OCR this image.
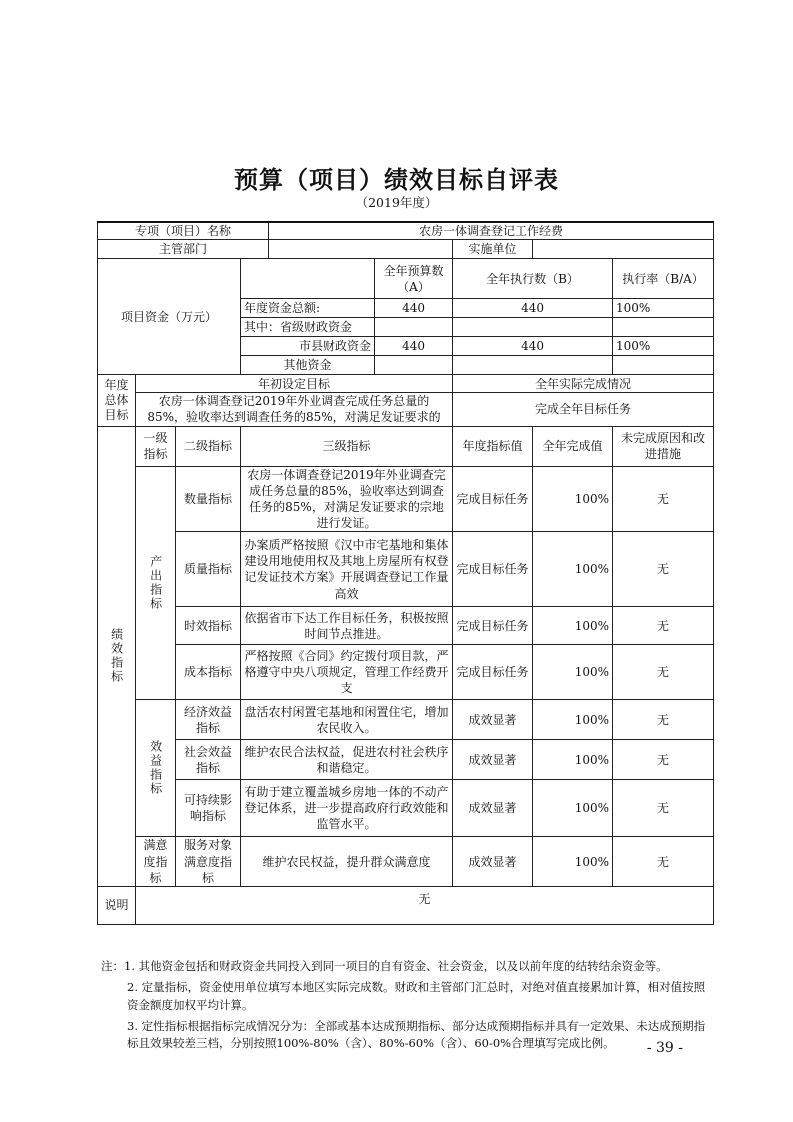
预算（项目）绩效目标自评表
（2019年度）
专项（项目）名称				农房一体调查登记工作经费				
主管部门						实施单位		
项目资金（万元）					全年预算数（A）	全年执行数（B）		执行率（B/A）
			年度资金总额:		440	440		100%
			其中：省级财政资金					
			市县财政资金		440	440		100%
			其他资金					
年度总体目标	年初设定目标					全年实际完成情况		
	农房一体调查登记2019年外业调查完成任务总量的85%，验收率达到调查任务的85%，对满足发证要求的					完成全年目标任务		

绩效指标	一级指标	二级指标	三级指标			年度指标值	全年完成值	未完成原因和改进措施

	产出指标	数量指标	农房一体调查登记2019年外业调查完成任务总量的85%，验收率达到调查任务的85%，对满足发证要求的宗地进行发证。			完成目标任务	100%	无
		质量指标	办案质严格按照《汉中市宅基地和集体建设用地使用权及其地上房屋所有权登记发证技术方案》开展调查登记工作量高效			完成目标任务	100%	无
		时效指标	依据省市下达工作目标任务，积极按照时间节点推进。			完成目标任务	100%	无
		成本指标	严格按照《合同》约定拨付项目款，严格遵守中央八项规定，管理工作经费开支			完成目标任务	100%	无

	效益指标	经济效益指标	盘活农村闲置宅基地和闲置住宅，增加农民收入。			成效显著	100%	无
		社会效益指标	维护农民合法权益，促进农村社会秩序和谐稳定。			成效显著	100%	无
		可持续影响指标	有助于建立覆盖城乡房地一体的不动产登记体系，进一步提高政府行政效能和监管水平。			成效显著	100%	无
	满意度指标	服务对象满意度指标	维护农民权益，提升群众满意度			成效显著	100%	无
说明	无							

注：1. 其他资金包括和财政资金共同投入到同一项目的自有资金、社会资金，以及以前年度的结转结余资金等。

2. 定量指标，资金使用单位填写本地区实际完成数。财政和主管部门汇总时，对绝对值直接累加计算，相对值按照资金额度加权平均计算。

3. 定性指标根据指标完成情况分为：全部或基本达成预期指标、部分达成预期指标并具有一定效果、未达成预期指标且效果较差三档，分别按照100%-80%（含）、80%-60%（含）、60-0%合理填写完成比例。	- 39 -
